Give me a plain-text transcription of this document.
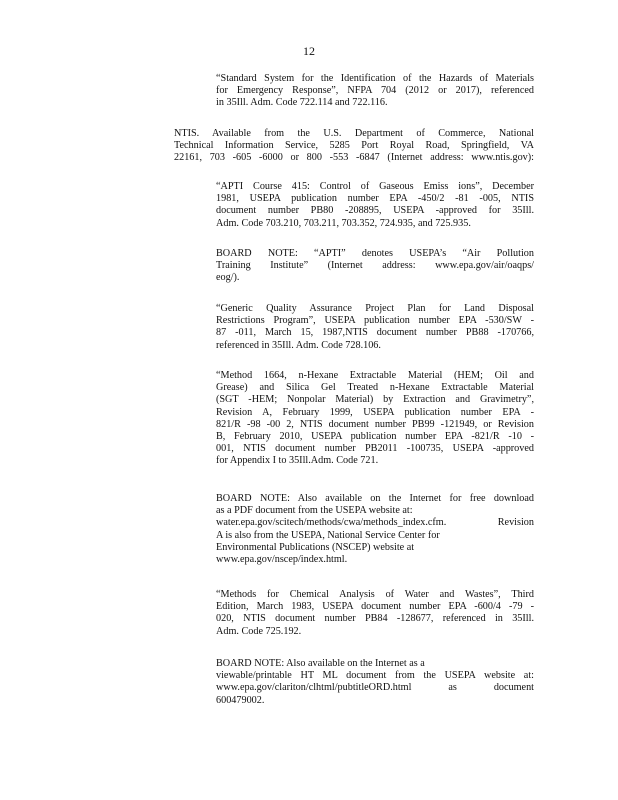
12
“Standard System for the Identification of the Hazards of Materials
for Emergency Response”, NFPA 704 (2012 or 2017), referenced
in 35Ill. Adm. Code 722.114 and 722.116.
NTIS. Available from the U.S. Department of Commerce, National
Technical Information Service, 5285 Port Royal Road, Springfield, VA
22161, 703 -605 -6000 or 800 -553 -6847 (Internet address: www.ntis.gov):
“APTI Course 415: Control of Gaseous Emiss ions”, December
1981, USEPA publication number EPA -450/2 -81 -005, NTIS
document number PB80 -208895, USEPA -approved for 35Ill.
Adm. Code 703.210, 703.211, 703.352, 724.935, and 725.935.
BOARD NOTE: “APTI” denotes USEPA’s “Air Pollution
Training Institute” (Internet address: www.epa.gov/air/oaqps/
eog/).
“Generic Quality Assurance Project Plan for Land Disposal
Restrictions Program”, USEPA publication number EPA -530/SW -
87 -011, March 15, 1987,NTIS document number PB88 -170766,
referenced in 35Ill. Adm. Code 728.106.
“Method 1664, n-Hexane Extractable Material (HEM; Oil and
Grease) and Silica Gel Treated n-Hexane Extractable Material
(SGT -HEM; Nonpolar Material) by Extraction and Gravimetry”,
Revision A, February 1999, USEPA publication number EPA -
821/R -98 -00 2, NTIS document number PB99 -121949, or Revision
B, February 2010, USEPA publication number EPA -821/R -10 -
001, NTIS document number PB2011 -100735, USEPA -approved
for Appendix I to 35Ill.Adm. Code 721.
BOARD NOTE: Also available on the Internet for free download
as a PDF document from the USEPA website at:
water.epa.gov/scitech/methods/cwa/methods_index.cfm. Revision
A is also from the USEPA, National Service Center for
Environmental Publications (NSCEP) website at
www.epa.gov/nscep/index.html.
“Methods for Chemical Analysis of Water and Wastes”, Third
Edition, March 1983, USEPA document number EPA -600/4 -79 -
020, NTIS document number PB84 -128677, referenced in 35Ill.
Adm. Code 725.192.
BOARD NOTE: Also available on the Internet as a
viewable/printable HT ML document from the USEPA website at:
www.epa.gov/clariton/clhtml/pubtitleORD.html as document
600479002.
